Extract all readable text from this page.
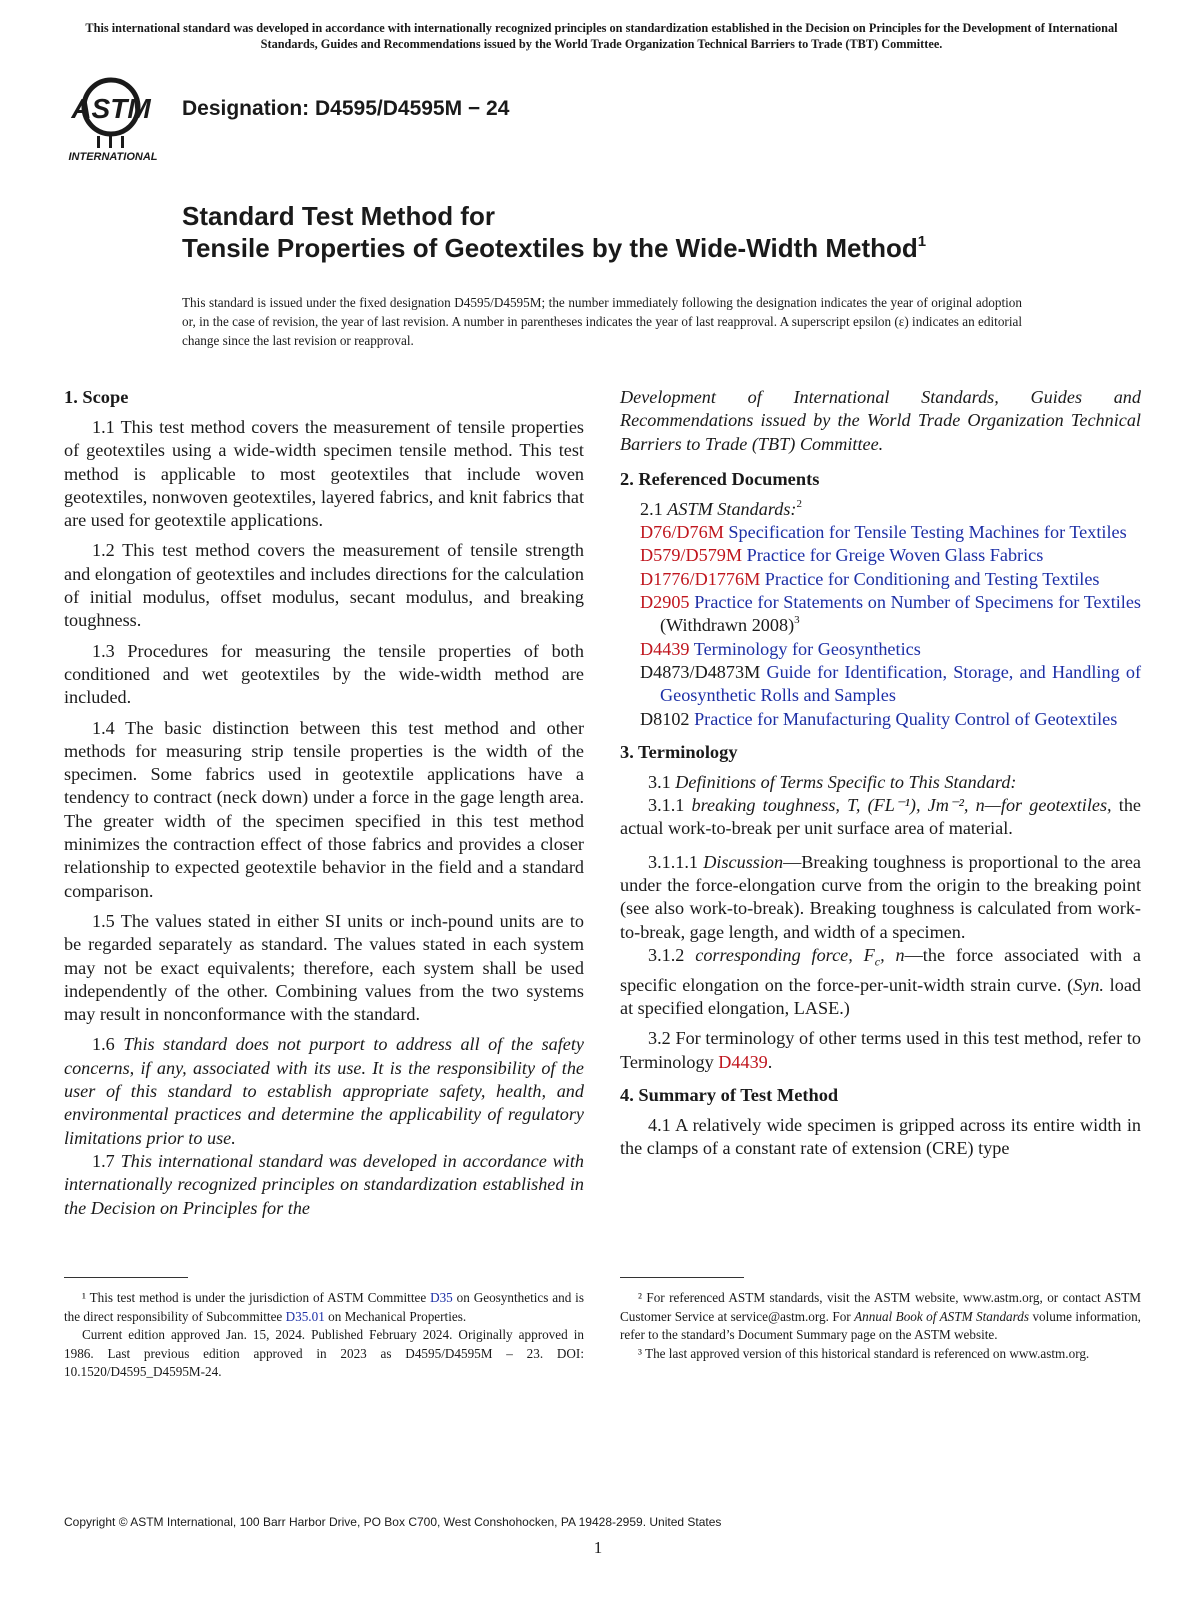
This international standard was developed in accordance with internationally recognized principles on standardization established in the Decision on Principles for the Development of International Standards, Guides and Recommendations issued by the World Trade Organization Technical Barriers to Trade (TBT) Committee.
ASTM
INTERNATIONAL
Designation: D4595/D4595M − 24
Standard Test Method for
Tensile Properties of Geotextiles by the Wide-Width Method$^1$
This standard is issued under the fixed designation D4595/D4595M; the number immediately following the designation indicates the year of original adoption or, in the case of revision, the year of last revision. A number in parentheses indicates the year of last reapproval. A superscript epsilon (ε) indicates an editorial change since the last revision or reapproval.
1. Scope

1.1 This test method covers the measurement of tensile properties of geotextiles using a wide-width specimen tensile method. This test method is applicable to most geotextiles that include woven geotextiles, nonwoven geotextiles, layered fabrics, and knit fabrics that are used for geotextile applications.

1.2 This test method covers the measurement of tensile strength and elongation of geotextiles and includes directions for the calculation of initial modulus, offset modulus, secant modulus, and breaking toughness.

1.3 Procedures for measuring the tensile properties of both conditioned and wet geotextiles by the wide-width method are included.

1.4 The basic distinction between this test method and other methods for measuring strip tensile properties is the width of the specimen. Some fabrics used in geotextile applications have a tendency to contract (neck down) under a force in the gage length area. The greater width of the specimen specified in this test method minimizes the contraction effect of those fabrics and provides a closer relationship to expected geotextile behavior in the field and a standard comparison.

1.5 The values stated in either SI units or inch-pound units are to be regarded separately as standard. The values stated in each system may not be exact equivalents; therefore, each system shall be used independently of the other. Combining values from the two systems may result in nonconformance with the standard.

1.6 This standard does not purport to address all of the safety concerns, if any, associated with its use. It is the responsibility of the user of this standard to establish appropriate safety, health, and environmental practices and determine the applicability of regulatory limitations prior to use.

1.7 This international standard was developed in accordance with internationally recognized principles on standardization established in the Decision on Principles for the

Development of International Standards, Guides and Recommendations issued by the World Trade Organization Technical Barriers to Trade (TBT) Committee.

2. Referenced Documents

2.1 ASTM Standards:$^2$

D76/D76M Specification for Tensile Testing Machines for Textiles

D579/D579M Practice for Greige Woven Glass Fabrics

D1776/D1776M Practice for Conditioning and Testing Textiles

D2905 Practice for Statements on Number of Specimens for Textiles (Withdrawn 2008)$^3$

D4439 Terminology for Geosynthetics

D4873/D4873M Guide for Identification, Storage, and Handling of Geosynthetic Rolls and Samples

D8102 Practice for Manufacturing Quality Control of Geotextiles

3. Terminology

3.1 Definitions of Terms Specific to This Standard:

3.1.1 breaking toughness, T, (FL⁻¹), Jm⁻², n—for geotextiles, the actual work-to-break per unit surface area of material.

3.1.1.1 Discussion—Breaking toughness is proportional to the area under the force-elongation curve from the origin to the breaking point (see also work-to-break). Breaking toughness is calculated from work-to-break, gage length, and width of a specimen.

3.1.2 corresponding force, $F_c$, n—the force associated with a specific elongation on the force-per-unit-width strain curve. (Syn. load at specified elongation, LASE.)

3.2 For terminology of other terms used in this test method, refer to Terminology D4439.

4. Summary of Test Method

4.1 A relatively wide specimen is gripped across its entire width in the clamps of a constant rate of extension (CRE) type

¹ This test method is under the jurisdiction of ASTM Committee D35 on Geosynthetics and is the direct responsibility of Subcommittee D35.01 on Mechanical Properties.

Current edition approved Jan. 15, 2024. Published February 2024. Originally approved in 1986. Last previous edition approved in 2023 as D4595/D4595M – 23. DOI: 10.1520/D4595_D4595M-24.

² For referenced ASTM standards, visit the ASTM website, www.astm.org, or contact ASTM Customer Service at service@astm.org. For Annual Book of ASTM Standards volume information, refer to the standard’s Document Summary page on the ASTM website.

³ The last approved version of this historical standard is referenced on www.astm.org.

Copyright © ASTM International, 100 Barr Harbor Drive, PO Box C700, West Conshohocken, PA 19428-2959. United States
1
